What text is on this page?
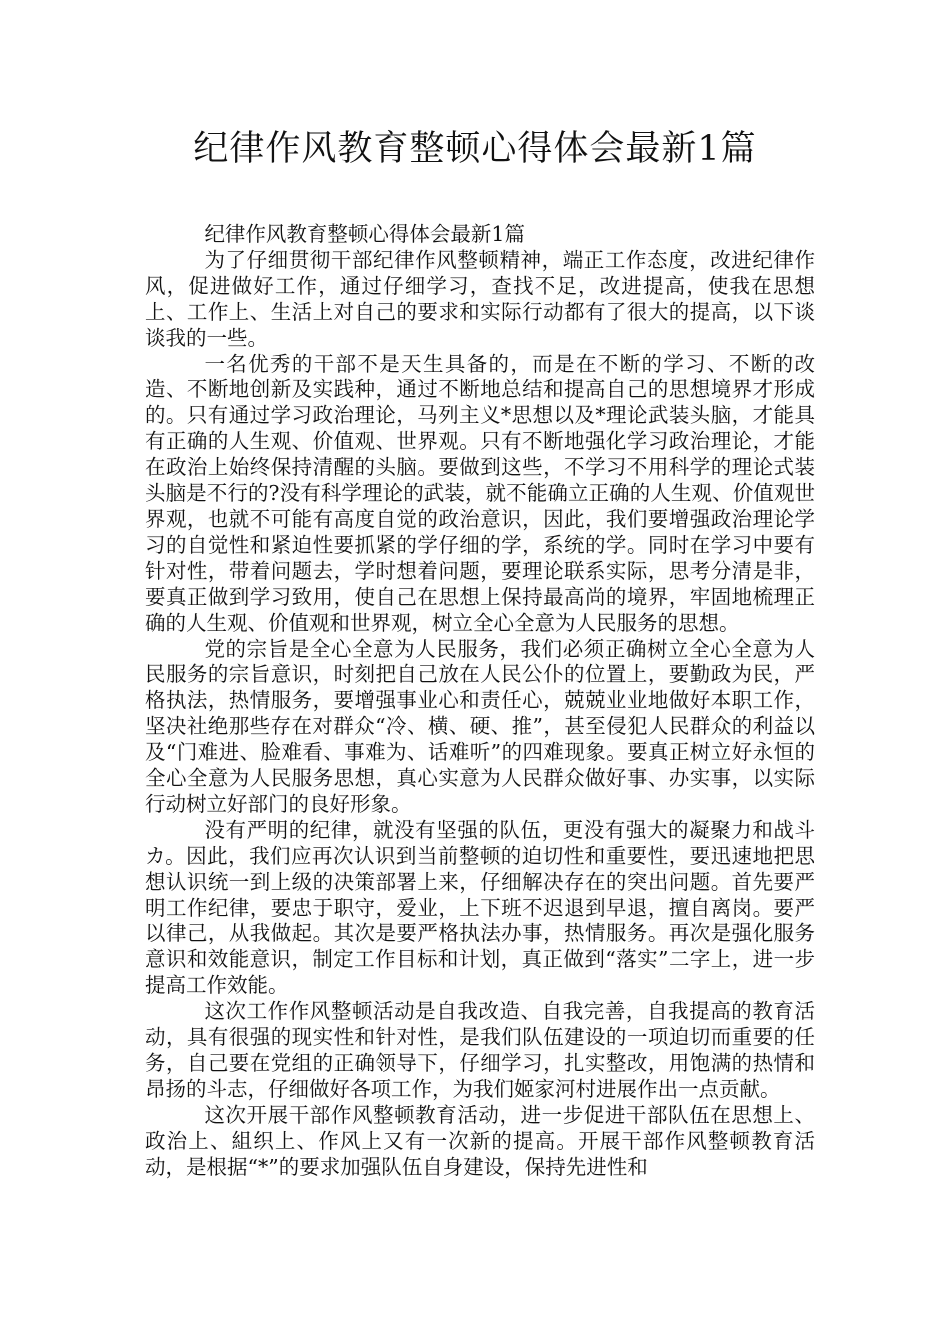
纪律作风教育整顿心得体会最新1篇

纪律作风教育整顿心得体会最新1篇

为了仔细贯彻干部纪律作风整顿精神，端正工作态度，改进纪律作风，促进做好工作，通过仔细学习，查找不足，改进提高，使我在思想上、工作上、生活上对自己的要求和实际行动都有了很大的提高，以下谈谈我的一些。

一名优秀的干部不是天生具备的，而是在不断的学习、不断的改造、不断地创新及实践种，通过不断地总结和提高自己的思想境界才形成的。只有通过学习政治理论，马列主义*思想以及*理论武装头脑，才能具有正确的人生观、价值观、世界观。只有不断地强化学习政治理论，才能在政治上始终保持清醒的头脑。要做到这些，不学习不用科学的理论式装头脑是不行的?没有科学理论的武装，就不能确立正确的人生观、价值观世界观，也就不可能有高度自觉的政治意识，因此，我们要增强政治理论学习的自觉性和紧迫性要抓紧的学仔细的学，系统的学。同时在学习中要有针对性，带着问题去，学时想着问题，要理论联系实际，思考分清是非，要真正做到学习致用，使自己在思想上保持最高尚的境界，牢固地梳理正确的人生观、价值观和世界观，树立全心全意为人民服务的思想。

党的宗旨是全心全意为人民服务，我们必须正确树立全心全意为人民服务的宗旨意识，时刻把自己放在人民公仆的位置上，要勤政为民，严格执法，热情服务，要增强事业心和责任心，兢兢业业地做好本职工作，坚决社绝那些存在对群众“冷、横、硬、推”，甚至侵犯人民群众的利益以及“门难进、脸难看、事难为、话难听”的四难现象。要真正树立好永恒的全心全意为人民服务思想，真心实意为人民群众做好事、办实事，以实际行动树立好部门的良好形象。

没有严明的纪律，就没有坚强的队伍，更没有强大的凝聚力和战斗カ。因此，我们应再次认识到当前整顿的迫切性和重要性，要迅速地把思想认识统一到上级的决策部署上来，仔细解决存在的突出问题。首先要严明工作纪律，要忠于职守，爱业，上下班不迟退到早退，擅自离岗。要严以律己，从我做起。其次是要严格执法办事，热情服务。再次是强化服务意识和效能意识，制定工作目标和计划，真正做到“落实”二字上，进一步提高工作效能。

这次工作作风整顿活动是自我改造、自我完善，自我提高的教育活动，具有很强的现实性和针对性，是我们队伍建设的一项迫切而重要的任务，自己要在党组的正确领导下，仔细学习，扎实整改，用饱满的热情和昂扬的斗志，仔细做好各项工作，为我们姬家河村进展作出一点贡献。

这次开展干部作风整顿教育活动，进一步促进干部队伍在思想上、政治上、組织上、作风上又有一次新的提高。开展干部作风整顿教育活动，是根据“*”的要求加强队伍自身建设，保持先进性和
